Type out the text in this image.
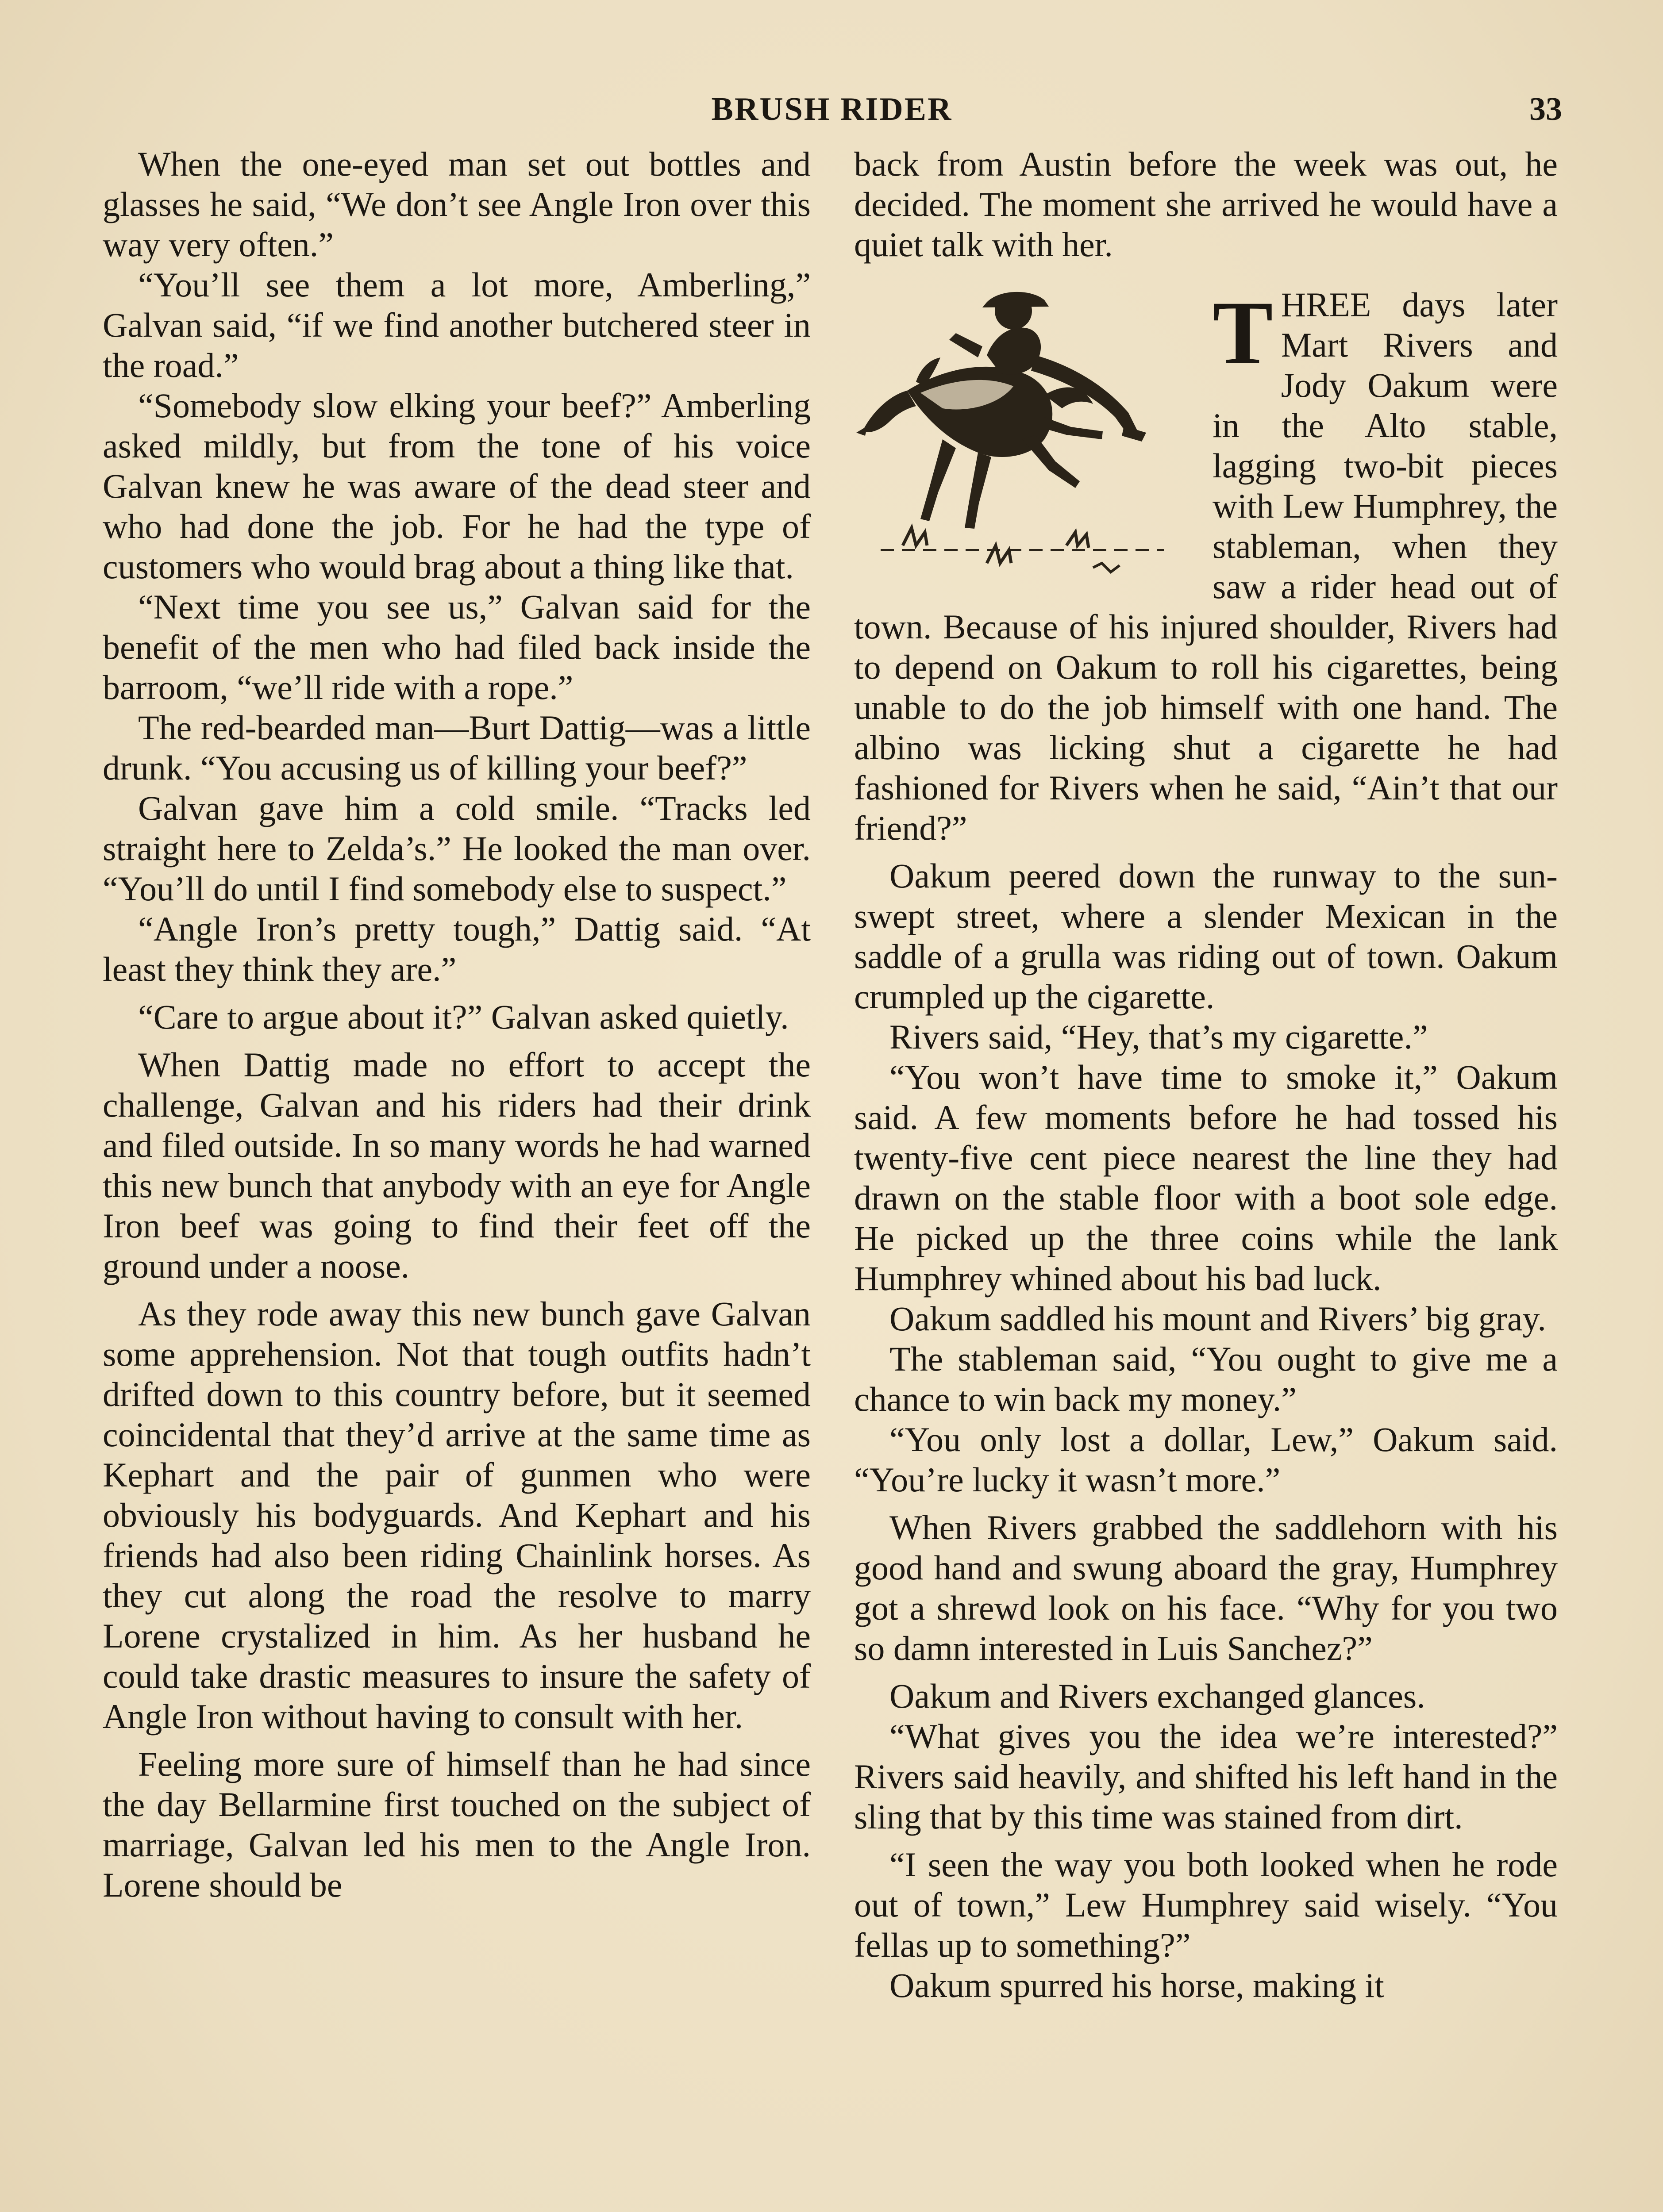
BRUSH RIDER	33

When the one-eyed man set out bottles and glasses he said, “We don’t see Angle Iron over this way very often.”

“You’ll see them a lot more, Amberling,” Galvan said, “if we find another butchered steer in the road.”

“Somebody slow elking your beef?” Amberling asked mildly, but from the tone of his voice Galvan knew he was aware of the dead steer and who had done the job. For he had the type of customers who would brag about a thing like that.

“Next time you see us,” Galvan said for the benefit of the men who had filed back inside the barroom, “we’ll ride with a rope.”

The red-bearded man—Burt Dattig—was a little drunk. “You accusing us of killing your beef?”

Galvan gave him a cold smile. “Tracks led straight here to Zelda’s.” He looked the man over. “You’ll do until I find somebody else to suspect.”

“Angle Iron’s pretty tough,” Dattig said. “At least they think they are.”

“Care to argue about it?” Galvan asked quietly.

When Dattig made no effort to accept the challenge, Galvan and his riders had their drink and filed outside. In so many words he had warned this new bunch that anybody with an eye for Angle Iron beef was going to find their feet off the ground under a noose.

As they rode away this new bunch gave Galvan some apprehension. Not that tough outfits hadn’t drifted down to this country before, but it seemed coincidental that they’d arrive at the same time as Kephart and the pair of gunmen who were obviously his bodyguards. And Kephart and his friends had also been riding Chainlink horses. As they cut along the road the resolve to marry Lorene crystalized in him. As her husband he could take drastic measures to insure the safety of Angle Iron without having to consult with her.

Feeling more sure of himself than he had since the day Bellarmine first touched on the subject of marriage, Galvan led his men to the Angle Iron. Lorene should be

back from Austin before the week was out, he decided. The moment she arrived he would have a quiet talk with her.

THREE days later Mart Rivers and Jody Oakum were in the Alto stable, lagging two-bit pieces with Lew Humphrey, the stableman, when they saw a rider head out of town. Because of his injured shoulder, Rivers had to depend on Oakum to roll his cigarettes, being unable to do the job himself with one hand. The albino was licking shut a cigarette he had fashioned for Rivers when he said, “Ain’t that our friend?”

Oakum peered down the runway to the sun-swept street, where a slender Mexican in the saddle of a grulla was riding out of town. Oakum crumpled up the cigarette.

Rivers said, “Hey, that’s my cigarette.”

“You won’t have time to smoke it,” Oakum said. A few moments before he had tossed his twenty-five cent piece nearest the line they had drawn on the stable floor with a boot sole edge. He picked up the three coins while the lank Humphrey whined about his bad luck.

Oakum saddled his mount and Rivers’ big gray.

The stableman said, “You ought to give me a chance to win back my money.”

“You only lost a dollar, Lew,” Oakum said. “You’re lucky it wasn’t more.”

When Rivers grabbed the saddlehorn with his good hand and swung aboard the gray, Humphrey got a shrewd look on his face. “Why for you two so damn interested in Luis Sanchez?”

Oakum and Rivers exchanged glances.

“What gives you the idea we’re interested?” Rivers said heavily, and shifted his left hand in the sling that by this time was stained from dirt.

“I seen the way you both looked when he rode out of town,” Lew Humphrey said wisely. “You fellas up to something?”

Oakum spurred his horse, making it
